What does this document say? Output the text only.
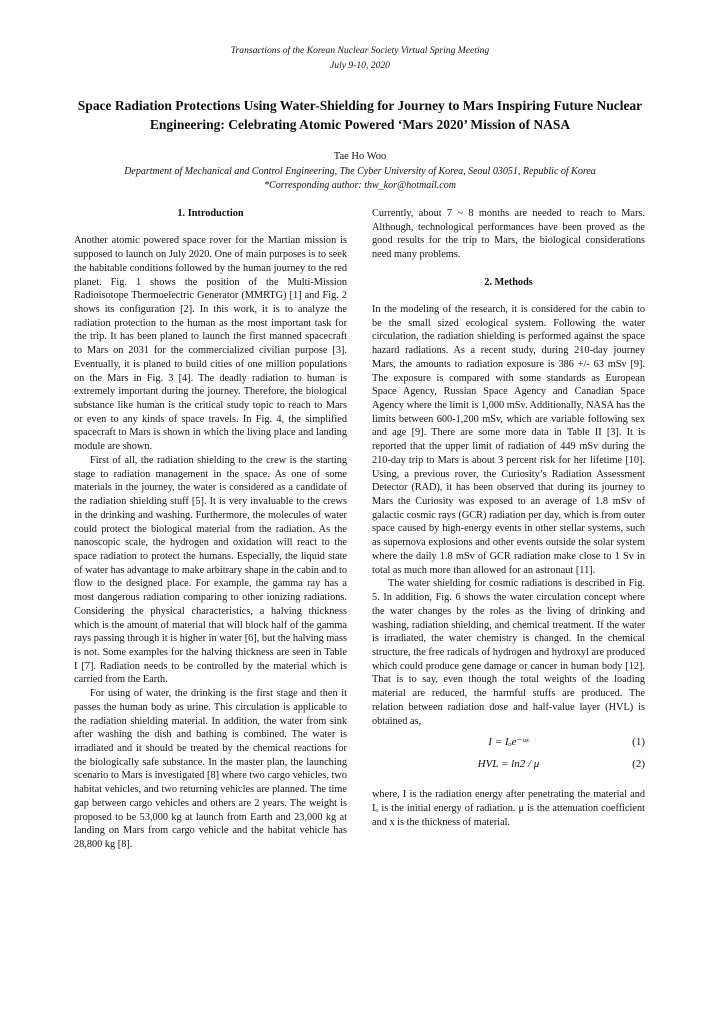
Transactions of the Korean Nuclear Society Virtual Spring Meeting
July 9-10, 2020
Space Radiation Protections Using Water-Shielding for Journey to Mars Inspiring Future Nuclear Engineering: Celebrating Atomic Powered ‘Mars 2020’ Mission of NASA
Tae Ho Woo
Department of Mechanical and Control Engineering, The Cyber University of Korea, Seoul 03051, Republic of Korea
*Corresponding author: thw_kor@hotmail.com

1. Introduction

Another atomic powered space rover for the Martian mission is supposed to launch on July 2020. One of main purposes is to seek the habitable conditions followed by the human journey to the red planet. Fig. 1 shows the position of the Multi-Mission Radioisotope Thermoelectric Generator (MMRTG) [1] and Fig. 2 shows its configuration [2]. In this work, it is to analyze the radiation protection to the human as the most important task for the trip. It has been planed to launch the first manned spacecraft to Mars on 2031 for the commercialized civilian purpose [3]. Eventually, it is planed to build cities of one million populations on the Mars in Fig. 3 [4]. The deadly radiation to human is extremely important during the journey. Therefore, the biological substance like human is the critical study topic to reach to Mars or even to any kinds of space travels. In Fig. 4, the simplified spacecraft to Mars is shown in which the living place and landing module are shown.

First of all, the radiation shielding to the crew is the starting stage to radiation management in the space. As one of some materials in the journey, the water is considered as a candidate of the radiation shielding stuff [5]. It is very invaluable to the crews in the drinking and washing. Furthermore, the molecules of water could protect the biological material from the radiation. As the nanoscopic scale, the hydrogen and oxidation will react to the space radiation to protect the humans. Especially, the liquid state of water has advantage to make arbitrary shape in the cabin and to flow to the designed place. For example, the gamma ray has a most dangerous radiation comparing to other ionizing radiations. Considering the physical characteristics, a halving thickness which is the amount of material that will block half of the gamma rays passing through it is higher in water [6], but the halving mass is not. Some examples for the halving thickness are seen in Table I [7]. Radiation needs to be controlled by the material which is carried from the Earth.

For using of water, the drinking is the first stage and then it passes the human body as urine. This circulation is applicable to the radiation shielding material. In addition, the water from sink after washing the dish and bathing is combined. The water is irradiated and it should be treated by the chemical reactions for the biologically safe substance. In the master plan, the launching scenario to Mars is investigated [8] where two cargo vehicles, two habitat vehicles, and two returning vehicles are planned. The time gap between cargo vehicles and others are 2 years. The weight is proposed to be 53,000 kg at launch from Earth and 23,000 kg at landing on Mars from cargo vehicle and the habitat vehicle has 28,800 kg [8].

Currently, about 7 ~ 8 months are needed to reach to Mars. Although, technological performances have been proved as the good results for the trip to Mars, the biological considerations need many problems.

2. Methods

In the modeling of the research, it is considered for the cabin to be the small sized ecological system. Following the water circulation, the radiation shielding is performed against the space hazard radiations. As a recent study, during 210-day journey Mars, the amounts to radiation exposure is 386 +/- 63 mSv [9]. The exposure is compared with some standards as European Space Agency, Russian Space Agency and Canadian Space Agency where the limit is 1,000 mSv. Additionally, NASA has the limits between 600-1,200 mSv, which are variable following sex and age [9]. There are some more data in Table II [3]. It is reported that the upper limit of radiation of 449 mSv during the 210-day trip to Mars is about 3 percent risk for her lifetime [10]. Using, a previous rover, the Curiosity’s Radiation Assessment Detector (RAD), it has been observed that during its journey to Mars the Curiosity was exposed to an average of 1.8 mSv of galactic cosmic rays (GCR) radiation per day, which is from outer space caused by high-energy events in other stellar systems, such as supernova explosions and other events outside the solar system where the daily 1.8 mSv of GCR radiation make close to 1 Sv in total as much more than allowed for an astronaut [11].

The water shielding for cosmic radiations is described in Fig. 5. In addition, Fig. 6 shows the water circulation concept where the water changes by the roles as the living of drinking and washing, radiation shielding, and chemical treatment. If the water is irradiated, the water chemistry is changed. In the chemical structure, the free radicals of hydrogen and hydroxyl are produced which could produce gene damage or cancer in human body [12]. That is to say, even though the total weights of the loading material are reduced, the harmful stuffs are produced. The relation between radiation dose and half-value layer (HVL) is obtained as,

I = Iₒe⁻ᵘˣ	(1)
HVL = ln2 / μ	(2)

where, I is the radiation energy after penetrating the material and Iₒ is the initial energy of radiation. μ is the attenuation coefficient and x is the thickness of material.
